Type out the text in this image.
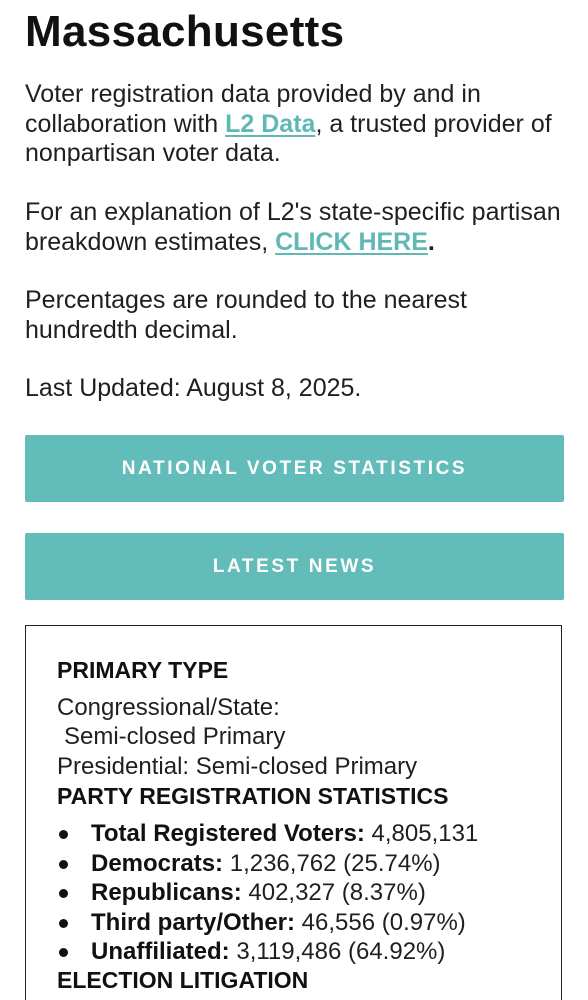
Massachusetts

Voter registration data provided by and in collaboration with L2 Data, a trusted provider of nonpartisan voter data.

For an explanation of L2's state-specific partisan breakdown estimates, CLICK HERE.

Percentages are rounded to the nearest hundredth decimal.

Last Updated: August 8, 2025.

NATIONAL VOTER STATISTICS
LATEST NEWS
PRIMARY TYPE

Congressional/State:

Semi-closed Primary

Presidential: Semi-closed Primary

PARTY REGISTRATION STATISTICS
Total Registered Voters: 4,805,131
Democrats: 1,236,762 (25.74%)
Republicans: 402,327 (8.37%)
Third party/Other: 46,556 (0.97%)
Unaffiliated: 3,119,486 (64.92%)
ELECTION LITIGATION
